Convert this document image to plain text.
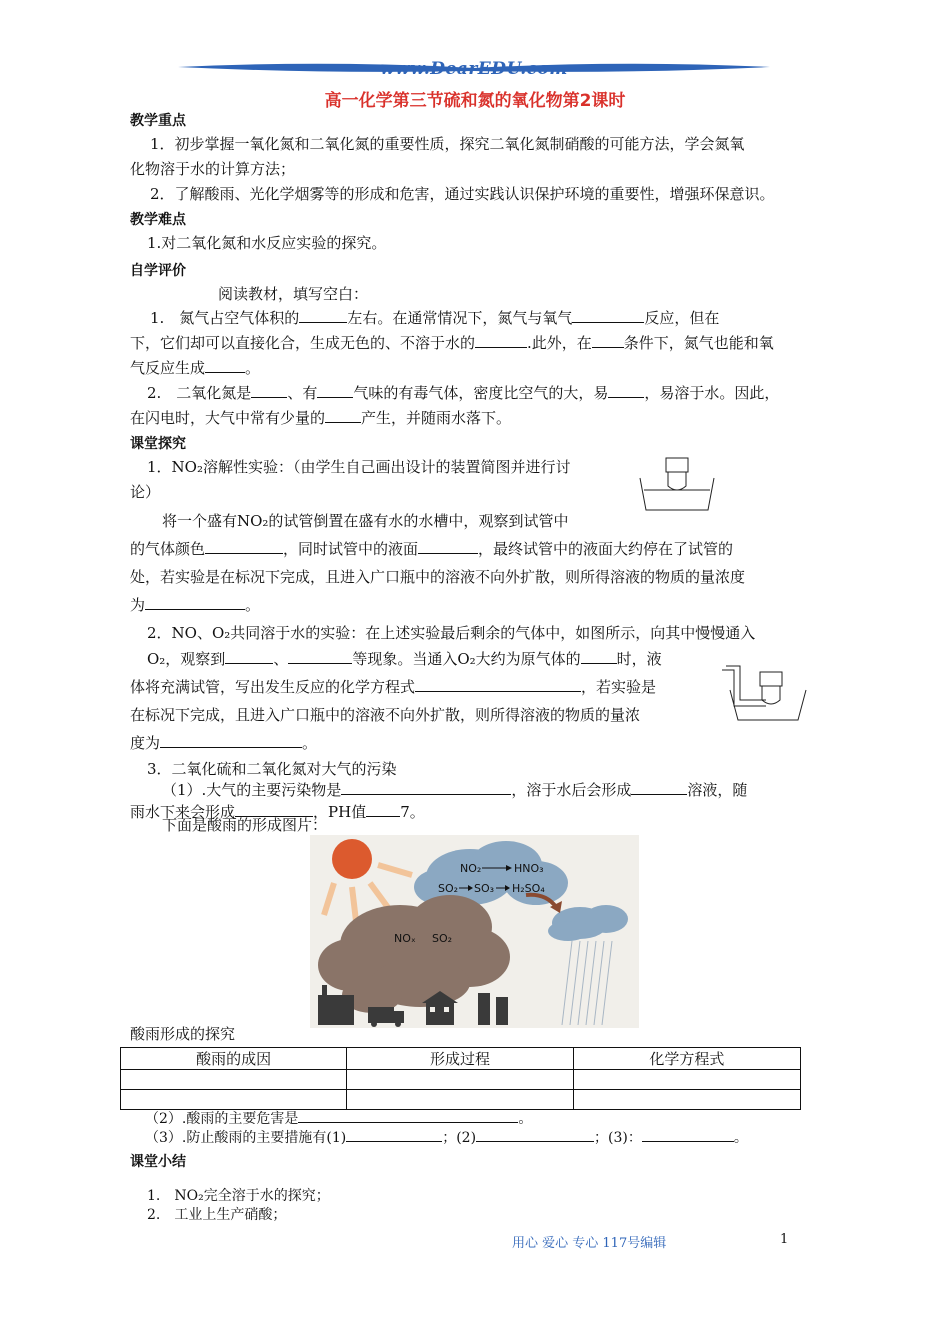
www.DearEDU.com
高一化学第三节硫和氮的氧化物第2课时
教学重点
1．初步掌握一氧化氮和二氧化氮的重要性质，探究二氧化氮制硝酸的可能方法，学会氮氧
化物溶于水的计算方法；
2．了解酸雨、光化学烟雾等的形成和危害，通过实践认识保护环境的重要性，增强环保意识。
教学难点
1.对二氧化氮和水反应实验的探究。
自学评价
阅读教材，填写空白：
1.　氮气占空气体积的	左右。在通常情况下，氮气与氧气	反应，但在
下，它们却可以直接化合，生成无色的、不溶于水的	.此外，在 条件下，氮气也能和氧
气反应生成	。
2.　二氧化氮是 、有 气味的有毒气体，密度比空气的大，易 ，易溶于水。因此，
在闪电时，大气中常有少量的 产生，并随雨水落下。
课堂探究
1．NO₂溶解性实验：（由学生自己画出设计的装置简图并进行讨
论）
将一个盛有NO₂的试管倒置在盛有水的水槽中，观察到试管中
的气体颜色	，同时试管中的液面	，最终试管中的液面大约停在了试管的
处，若实验是在标况下完成，且进入广口瓶中的溶液不向外扩散，则所得溶液的物质的量浓度
为	。
2．NO、O₂共同溶于水的实验：在上述实验最后剩余的气体中，如图所示，向其中慢慢通入
O₂，观察到	、	等现象。当通入O₂大约为原气体的 时，液
体将充满试管，写出发生反应的化学方程式	，若实验是
在标况下完成，且进入广口瓶中的溶液不向外扩散，则所得溶液的物质的量浓
度为	。
3．二氧化硫和二氧化氮对大气的污染
（1）.大气的主要污染物是	，溶于水后会形成	溶液，随
雨水下来会形成	，PH值 7。
下面是酸雨的形成图片：
NO₂	HNO₃
SO₂ SO₃ H₂SO₄
NOₓ SO₂
酸雨形成的探究
酸雨的成因	形成过程	化学方程式

（2）.酸雨的主要危害是	。
（3）.防止酸雨的主要措施有(1)	；(2)	；(3)：	。
课堂小结
1.　NO₂完全溶于水的探究；
2.　工业上生产硝酸；
用心 爱心 专心 117号编辑	1
